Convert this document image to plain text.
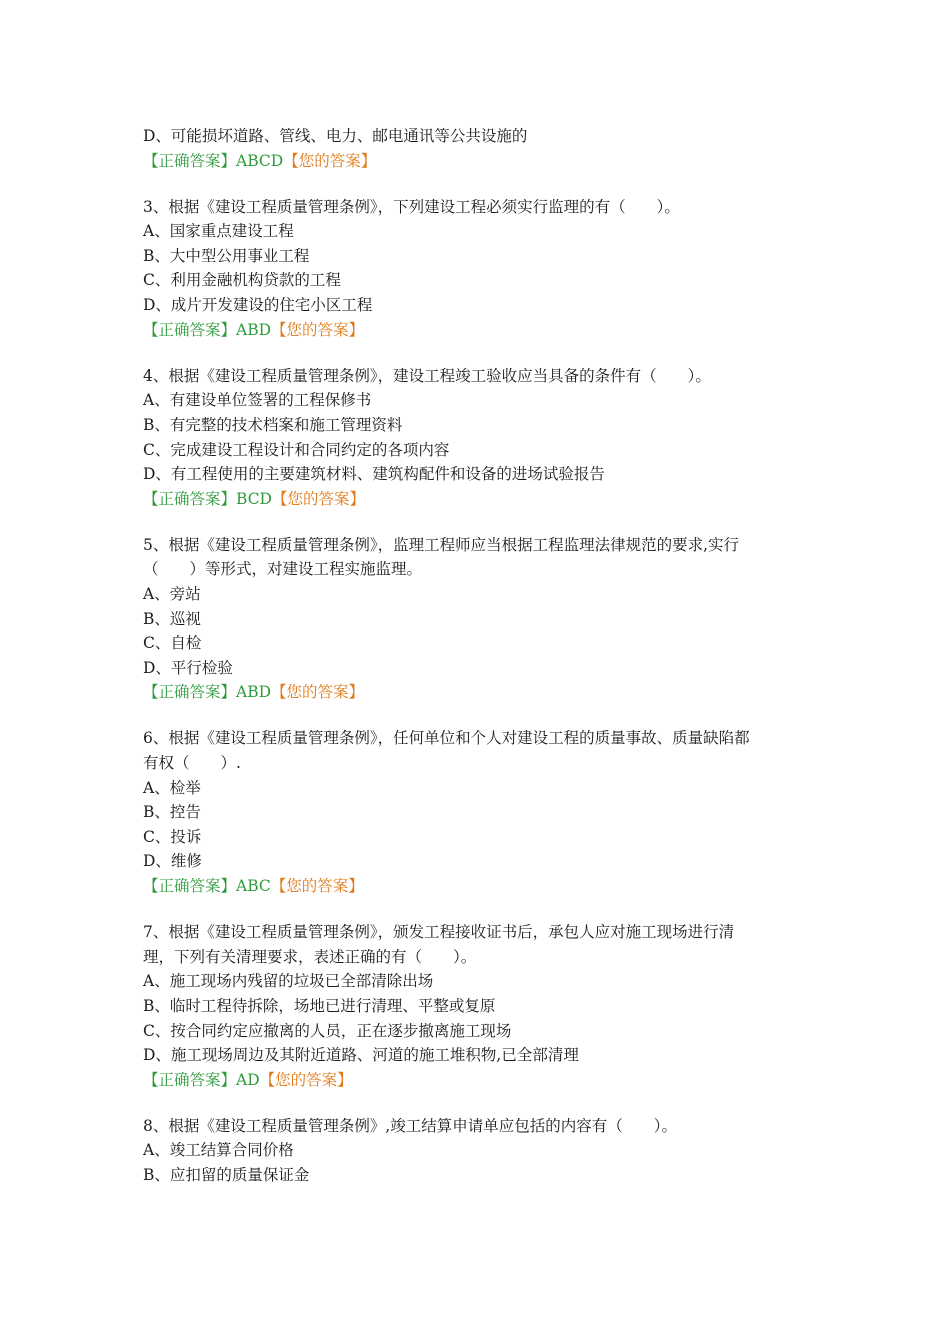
D、可能损坏道路、管线、电力、邮电通讯等公共设施的
【正确答案】ABCD【您的答案】
3、根据《建设工程质量管理条例》，下列建设工程必须实行监理的有（　　）。
A、国家重点建设工程
B、大中型公用事业工程
C、利用金融机构贷款的工程
D、成片开发建设的住宅小区工程
【正确答案】ABD【您的答案】
4、根据《建设工程质量管理条例》，建设工程竣工验收应当具备的条件有（　　）。
A、有建设单位签署的工程保修书
B、有完整的技术档案和施工管理资料
C、完成建设工程设计和合同约定的各项内容
D、有工程使用的主要建筑材料、建筑构配件和设备的进场试验报告
【正确答案】BCD【您的答案】
5、根据《建设工程质量管理条例》，监理工程师应当根据工程监理法律规范的要求,实行
（　　）等形式，对建设工程实施监理。
A、旁站
B、巡视
C、自检
D、平行检验
【正确答案】ABD【您的答案】
6、根据《建设工程质量管理条例》，任何单位和个人对建设工程的质量事故、质量缺陷都
有权（　　）.
A、检举
B、控告
C、投诉
D、维修
【正确答案】ABC【您的答案】
7、根据《建设工程质量管理条例》，颁发工程接收证书后，承包人应对施工现场进行清
理，下列有关清理要求，表述正确的有（　　）。
A、施工现场内残留的垃圾已全部清除出场
B、临时工程待拆除，场地已进行清理、平整或复原
C、按合同约定应撤离的人员，正在逐步撤离施工现场
D、施工现场周边及其附近道路、河道的施工堆积物,已全部清理
【正确答案】AD【您的答案】
8、根据《建设工程质量管理条例》,竣工结算申请单应包括的内容有（　　）。
A、竣工结算合同价格
B、应扣留的质量保证金
